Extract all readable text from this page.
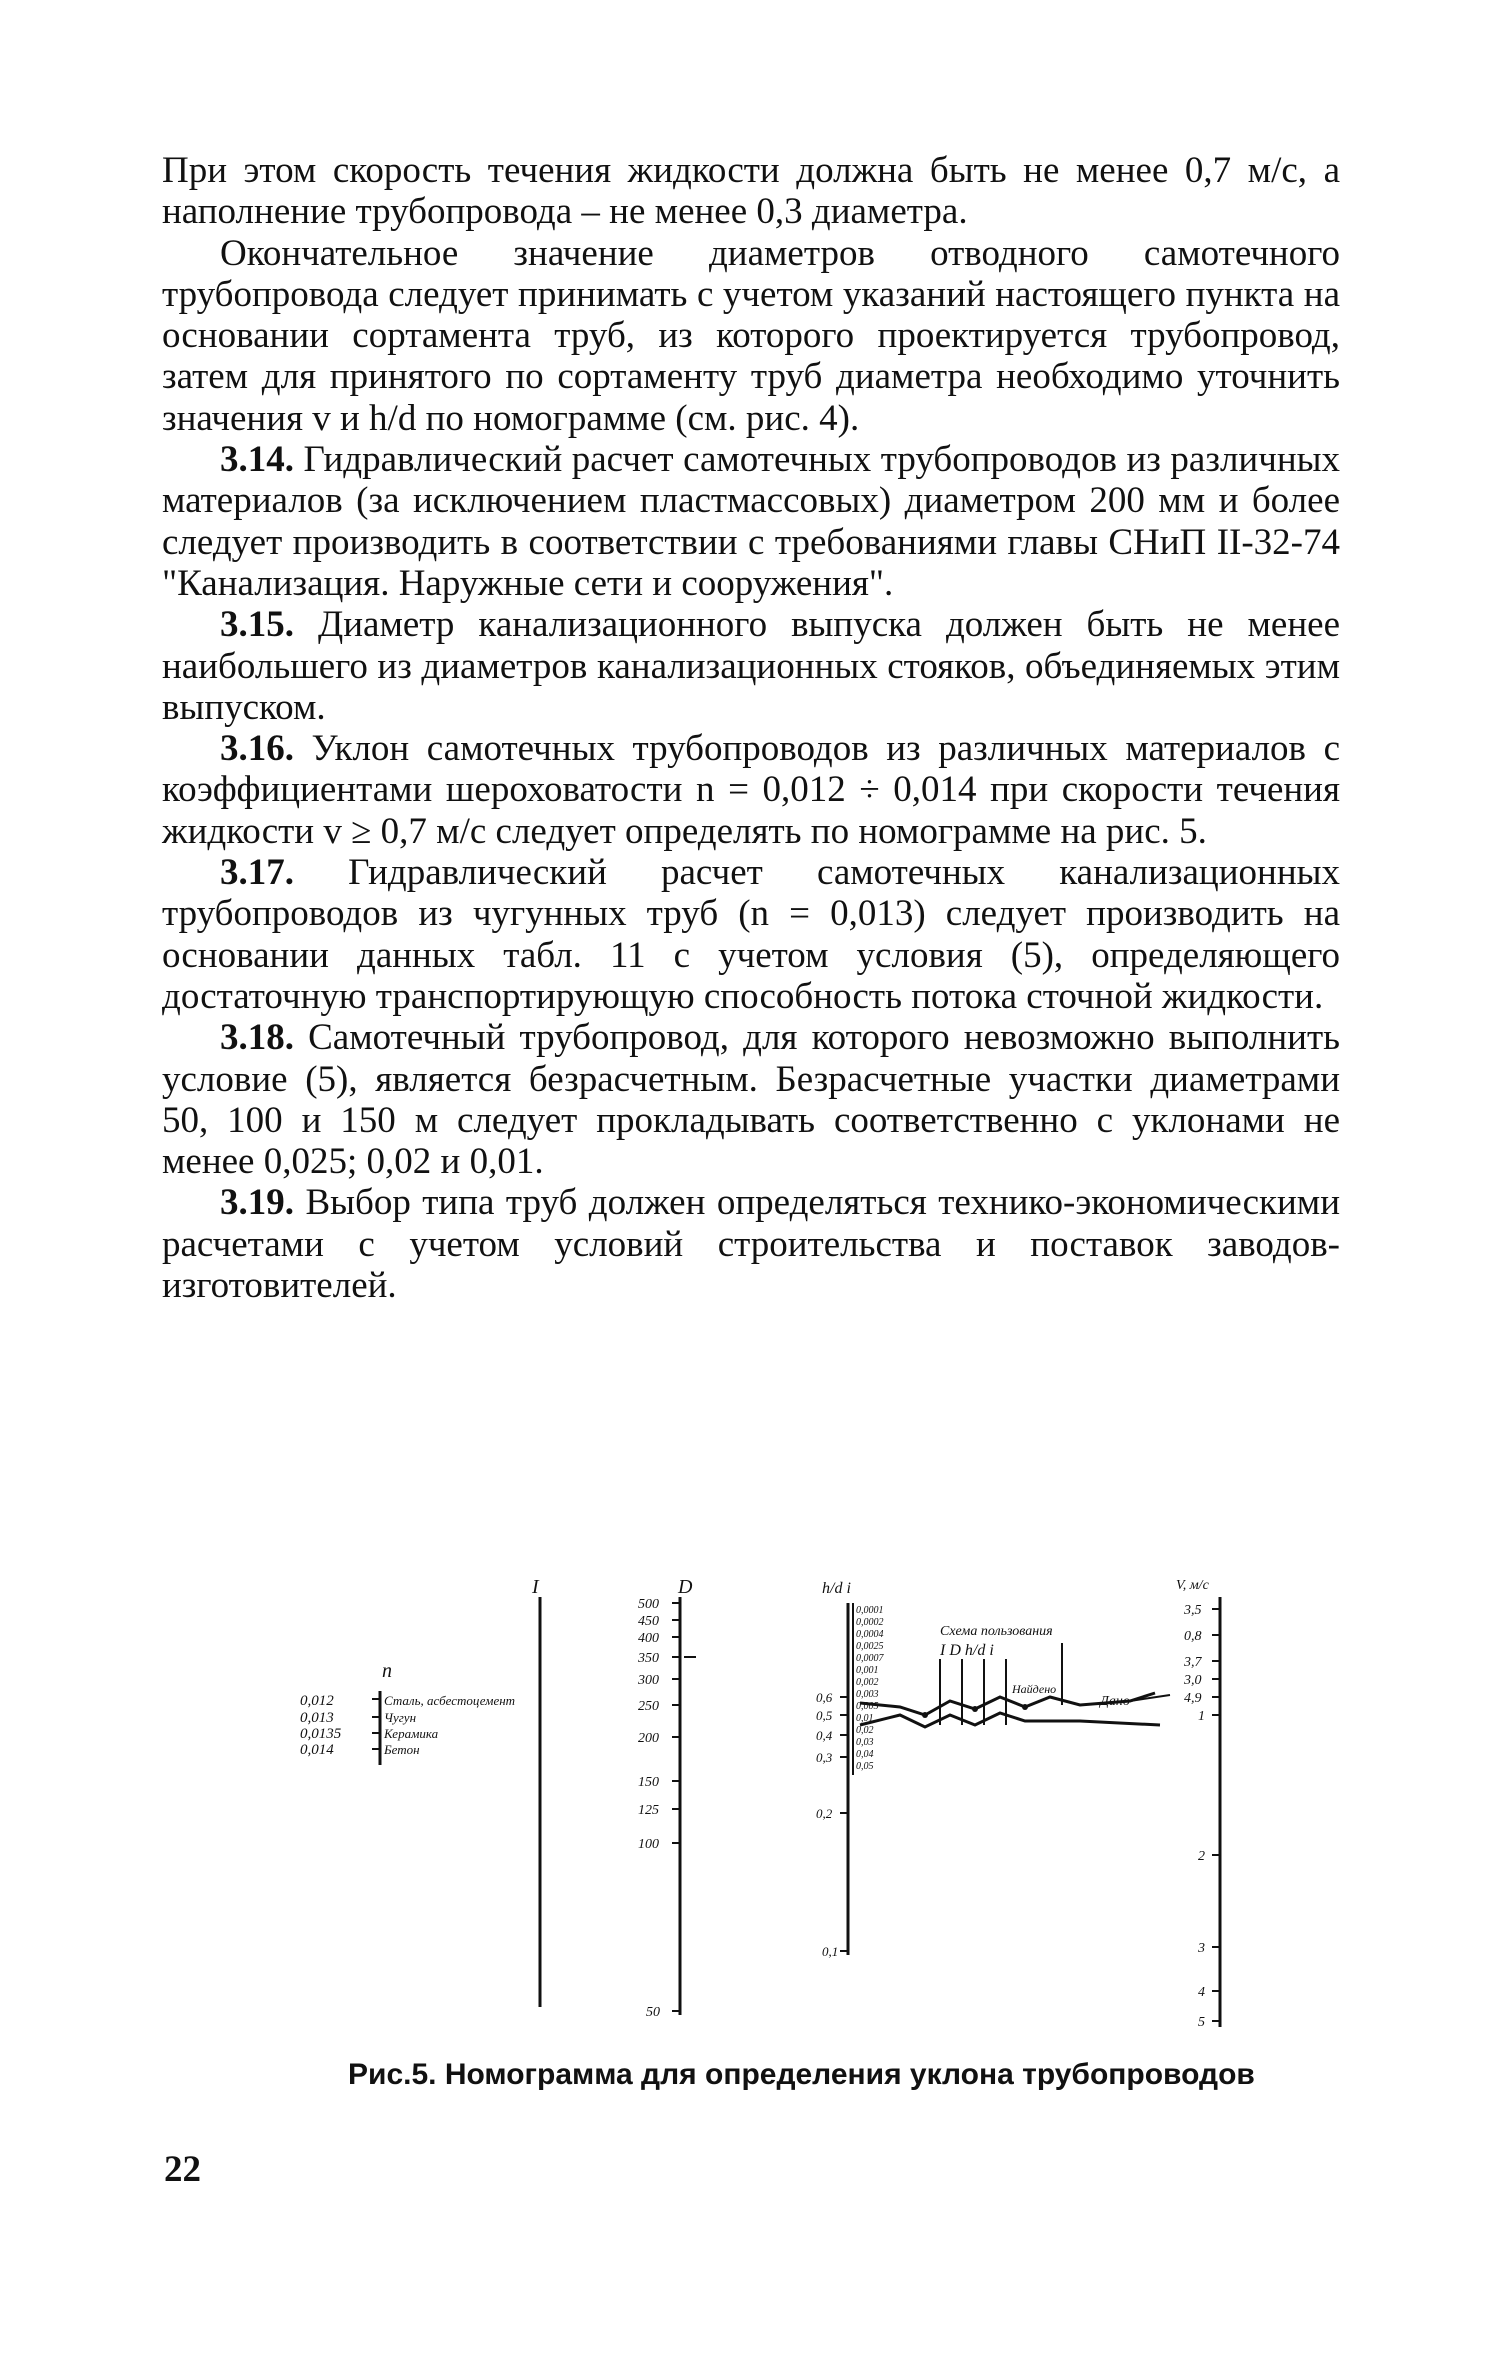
При этом скорость течения жидкости должна быть не менее 0,7 м/с, а наполнение трубопровода – не менее 0,3 диаметра.

Окончательное значение диаметров отводного самотечного трубопровода следует принимать с учетом указаний настоящего пункта на основании сортамента труб, из которого проектируется трубопровод, затем для принятого по сортаменту труб диаметра необходимо уточнить значения v и h/d по номограмме (см. рис. 4).

3.14. Гидравлический расчет самотечных трубопроводов из различных материалов (за исключением пластмассовых) диаметром 200 мм и более следует производить в соответствии с требованиями главы СНиП II-32-74 "Канализация. Наружные сети и сооружения".

3.15. Диаметр канализационного выпуска должен быть не менее наибольшего из диаметров канализационных стояков, объединяемых этим выпуском.

3.16. Уклон самотечных трубопроводов из различных материалов с коэффициентами шероховатости n = 0,012 ÷ 0,014 при скорости течения жидкости v ≥ 0,7 м/с следует определять по номограмме на рис. 5.

3.17. Гидравлический расчет самотечных канализационных трубопроводов из чугунных труб (n = 0,013) следует производить на основании данных табл. 11 с учетом условия (5), определяющего достаточную транспортирующую способность потока сточной жидкости.

3.18. Самотечный трубопровод, для которого невозможно выполнить условие (5), является безрасчетным. Безрасчетные участки диаметрами 50, 100 и 150 м следует прокладывать соответственно с уклонами не менее 0,025; 0,02 и 0,01.

3.19. Выбор типа труб должен определяться технико-экономическими расчетами с учетом условий строительства и поставок заводов-изготовителей.

I
n
0,012	Сталь, асбестоцемент
0,013	Чугун
0,0135	Керамика
0,014	Бетон
D
500
450
400
350
300
250
200
150
125
100
50
h/d i
0,6
0,5
0,4
0,3
0,2
0,1
0,0001
0,0002
0,0004
0,0025
0,0007
0,001
0,002
0,003
0,005
0,01
0,02
0,03
0,04
0,05
Схема пользования
I D h/d i
Дано
Найдено
V, м/с
3,5
0,8
3,7
3,0
4,9
1
2
3
4
5
Рис.5. Номограмма для определения уклона трубопроводов
22
